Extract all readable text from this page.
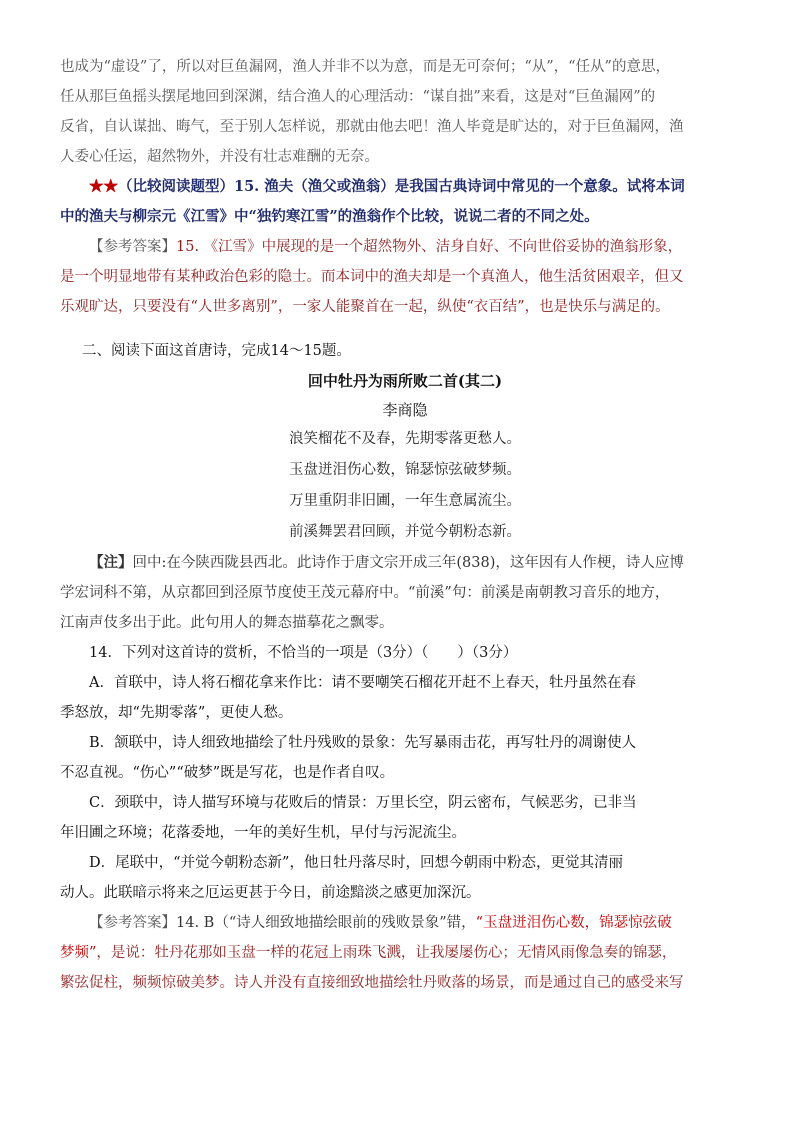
也成为“虚设”了，所以对巨鱼漏网，渔人并非不以为意，而是无可奈何；“从”，“任从”的意思，

任从那巨鱼摇头摆尾地回到深渊，结合渔人的心理活动：“谋自拙”来看，这是对“巨鱼漏网”的

反省，自认谋拙、晦气，至于别人怎样说，那就由他去吧！渔人毕竟是旷达的，对于巨鱼漏网，渔

人委心任运，超然物外，并没有壮志难酬的无奈。

★★（比较阅读题型）15. 渔夫（渔父或渔翁）是我国古典诗词中常见的一个意象。试将本词

中的渔夫与柳宗元《江雪》中“独钓寒江雪”的渔翁作个比较，说说二者的不同之处。

【参考答案】15. 《江雪》中展现的是一个超然物外、洁身自好、不向世俗妥协的渔翁形象，

是一个明显地带有某种政治色彩的隐士。而本词中的渔夫却是一个真渔人，他生活贫困艰辛，但又

乐观旷达，只要没有“人世多离别”，一家人能聚首在一起，纵使“衣百结”，也是快乐与满足的。

二、阅读下面这首唐诗，完成14～15题。

回中牡丹为雨所败二首(其二)

李商隐

浪笑榴花不及春，先期零落更愁人。

玉盘迸泪伤心数，锦瑟惊弦破梦频。

万里重阴非旧圃，一年生意属流尘。

前溪舞罢君回顾，并觉今朝粉态新。

【注】回中:在今陕西陇县西北。此诗作于唐文宗开成三年(838)，这年因有人作梗，诗人应博

学宏词科不第，从京都回到泾原节度使王茂元幕府中。“前溪”句：前溪是南朝教习音乐的地方，

江南声伎多出于此。此句用人的舞态描摹花之飘零。

14．下列对这首诗的赏析，不恰当的一项是（3分）（　　）（3分）

A．首联中，诗人将石榴花拿来作比：请不要嘲笑石榴花开赶不上春天，牡丹虽然在春

季怒放，却“先期零落”，更使人愁。

B．颔联中，诗人细致地描绘了牡丹残败的景象：先写暴雨击花，再写牡丹的凋谢使人

不忍直视。“伤心”“破梦”既是写花，也是作者自叹。

C．颈联中，诗人描写环境与花败后的情景：万里长空，阴云密布，气候恶劣，已非当

年旧圃之环境；花落委地，一年的美好生机，早付与污泥流尘。

D．尾联中，“并觉今朝粉态新”，他日牡丹落尽时，回想今朝雨中粉态，更觉其清丽

动人。此联暗示将来之厄运更甚于今日，前途黯淡之感更加深沉。

【参考答案】14. B（“诗人细致地描绘眼前的残败景象”错，“玉盘迸泪伤心数，锦瑟惊弦破

梦频”，是说：牡丹花那如玉盘一样的花冠上雨珠飞溅，让我屡屡伤心；无情风雨像急奏的锦瑟，

繁弦促柱，频频惊破美梦。诗人并没有直接细致地描绘牡丹败落的场景，而是通过自己的感受来写
